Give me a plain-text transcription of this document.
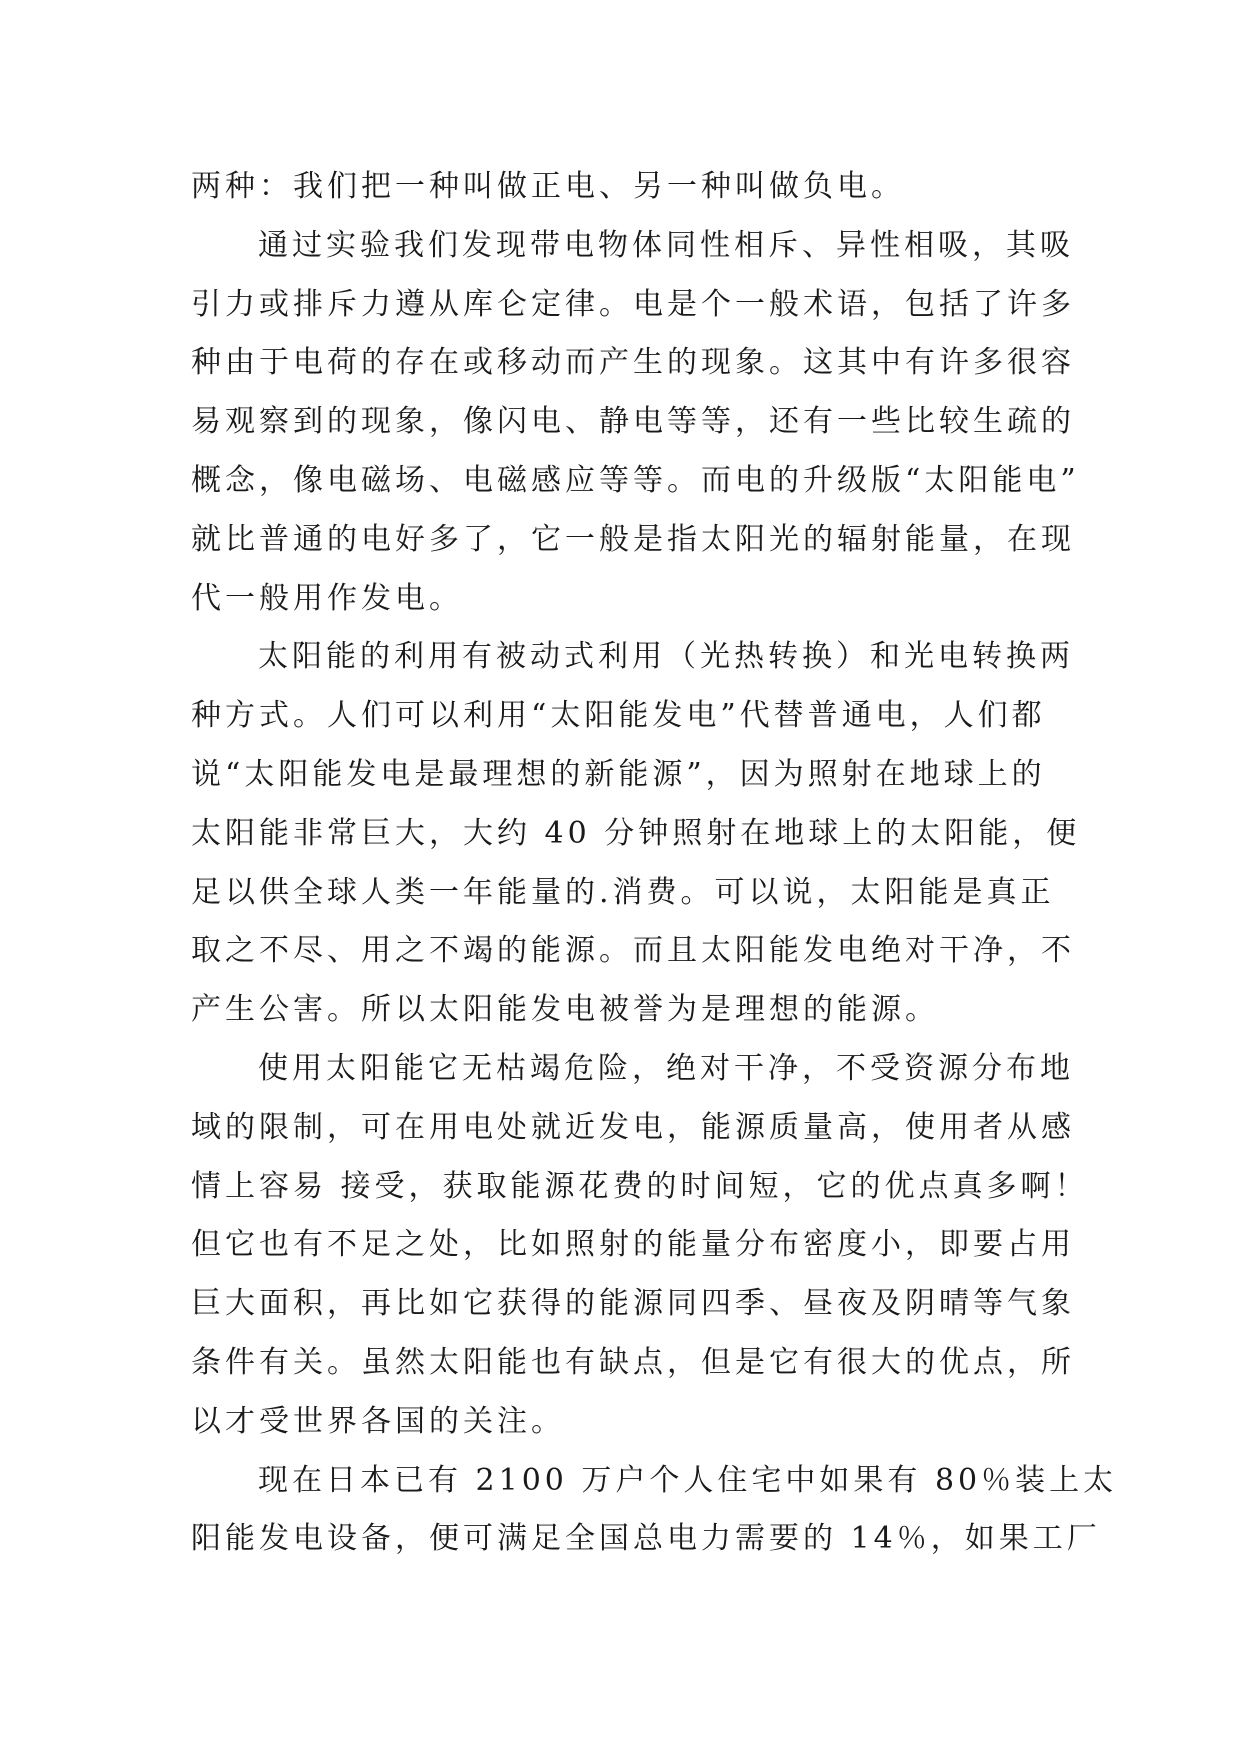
两种：我们把一种叫做正电、另一种叫做负电。
通过实验我们发现带电物体同性相斥、异性相吸，其吸
引力或排斥力遵从库仑定律。电是个一般术语，包括了许多
种由于电荷的存在或移动而产生的现象。这其中有许多很容
易观察到的现象，像闪电、静电等等，还有一些比较生疏的
概念，像电磁场、电磁感应等等。而电的升级版“太阳能电”
就比普通的电好多了，它一般是指太阳光的辐射能量，在现
代一般用作发电。
太阳能的利用有被动式利用（光热转换）和光电转换两
种方式。人们可以利用“太阳能发电”代替普通电，人们都
说“太阳能发电是最理想的新能源”，因为照射在地球上的
太阳能非常巨大，大约 40 分钟照射在地球上的太阳能，便
足以供全球人类一年能量的.消费。可以说，太阳能是真正
取之不尽、用之不竭的能源。而且太阳能发电绝对干净，不
产生公害。所以太阳能发电被誉为是理想的能源。
使用太阳能它无枯竭危险，绝对干净，不受资源分布地
域的限制，可在用电处就近发电，能源质量高，使用者从感
情上容易 接受，获取能源花费的时间短，它的优点真多啊！
但它也有不足之处，比如照射的能量分布密度小，即要占用
巨大面积，再比如它获得的能源同四季、昼夜及阴晴等气象
条件有关。虽然太阳能也有缺点，但是它有很大的优点，所
以才受世界各国的关注。
现在日本已有 2100 万户个人住宅中如果有 80％装上太
阳能发电设备，便可满足全国总电力需要的 14％，如果工厂
